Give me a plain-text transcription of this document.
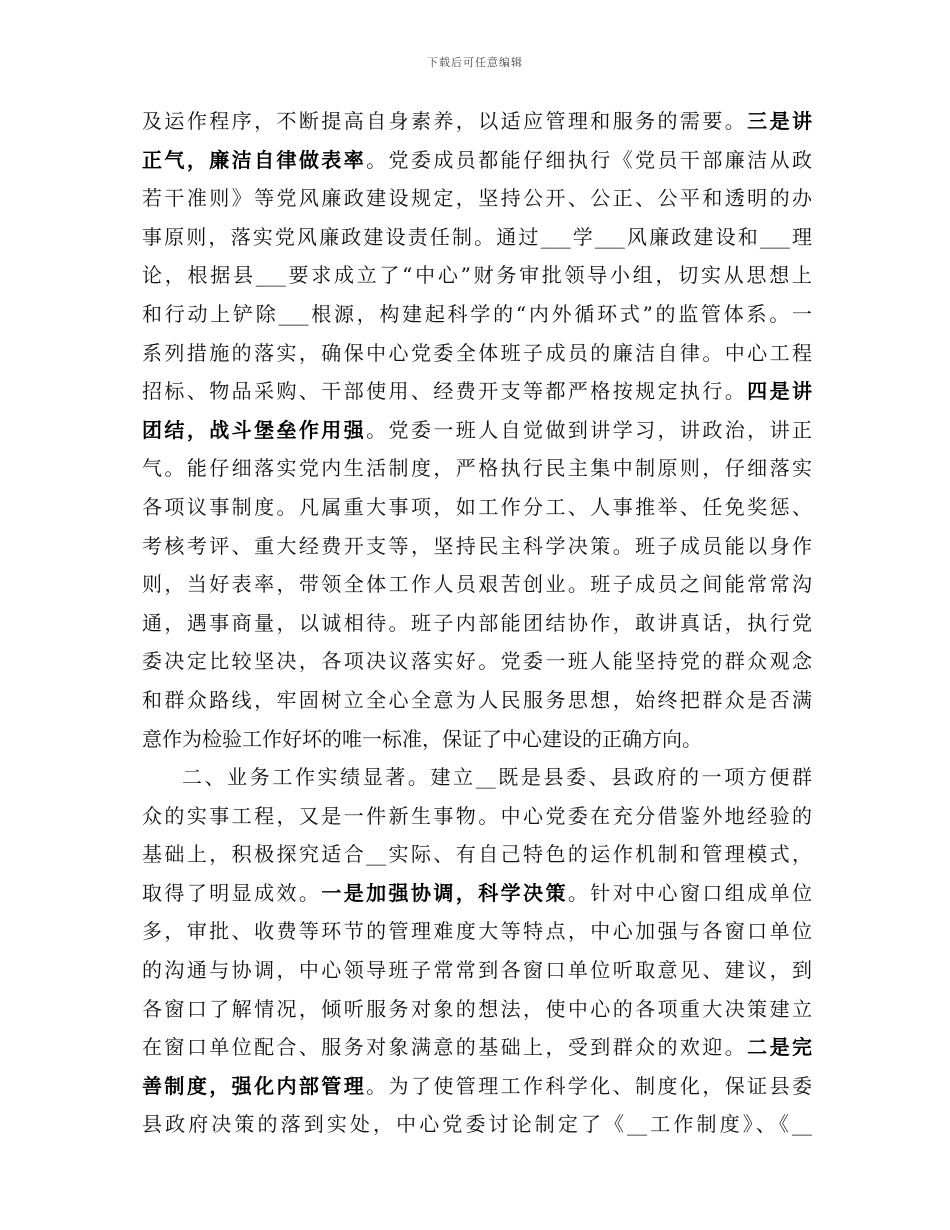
下载后可任意编辑
及运作程序，不断提高自身素养，以适应管理和服务的需要。三是讲
正气，廉洁自律做表率。党委成员都能仔细执行《党员干部廉洁从政
若干准则》等党风廉政建设规定，坚持公开、公正、公平和透明的办
事原则，落实党风廉政建设责任制。通过___学___风廉政建设和___理
论，根据县___要求成立了“中心”财务审批领导小组，切实从思想上
和行动上铲除___根源，构建起科学的“内外循环式”的监管体系。一
系列措施的落实，确保中心党委全体班子成员的廉洁自律。中心工程
招标、物品采购、干部使用、经费开支等都严格按规定执行。四是讲
团结，战斗堡垒作用强。党委一班人自觉做到讲学习，讲政治，讲正
气。能仔细落实党内生活制度，严格执行民主集中制原则，仔细落实
各项议事制度。凡属重大事项，如工作分工、人事推举、任免奖惩、
考核考评、重大经费开支等，坚持民主科学决策。班子成员能以身作
则，当好表率，带领全体工作人员艰苦创业。班子成员之间能常常沟
通，遇事商量，以诚相待。班子内部能团结协作，敢讲真话，执行党
委决定比较坚决，各项决议落实好。党委一班人能坚持党的群众观念
和群众路线，牢固树立全心全意为人民服务思想，始终把群众是否满
意作为检验工作好坏的唯一标准，保证了中心建设的正确方向。
二、业务工作实绩显著。建立__既是县委、县政府的一项方便群
众的实事工程，又是一件新生事物。中心党委在充分借鉴外地经验的
基础上，积极探究适合__实际、有自己特色的运作机制和管理模式，
取得了明显成效。一是加强协调，科学决策。针对中心窗口组成单位
多，审批、收费等环节的管理难度大等特点，中心加强与各窗口单位
的沟通与协调，中心领导班子常常到各窗口单位听取意见、建议，到
各窗口了解情况，倾听服务对象的想法，使中心的各项重大决策建立
在窗口单位配合、服务对象满意的基础上，受到群众的欢迎。二是完
善制度，强化内部管理。为了使管理工作科学化、制度化，保证县委
县政府决策的落到实处，中心党委讨论制定了《__工作制度》、《__
